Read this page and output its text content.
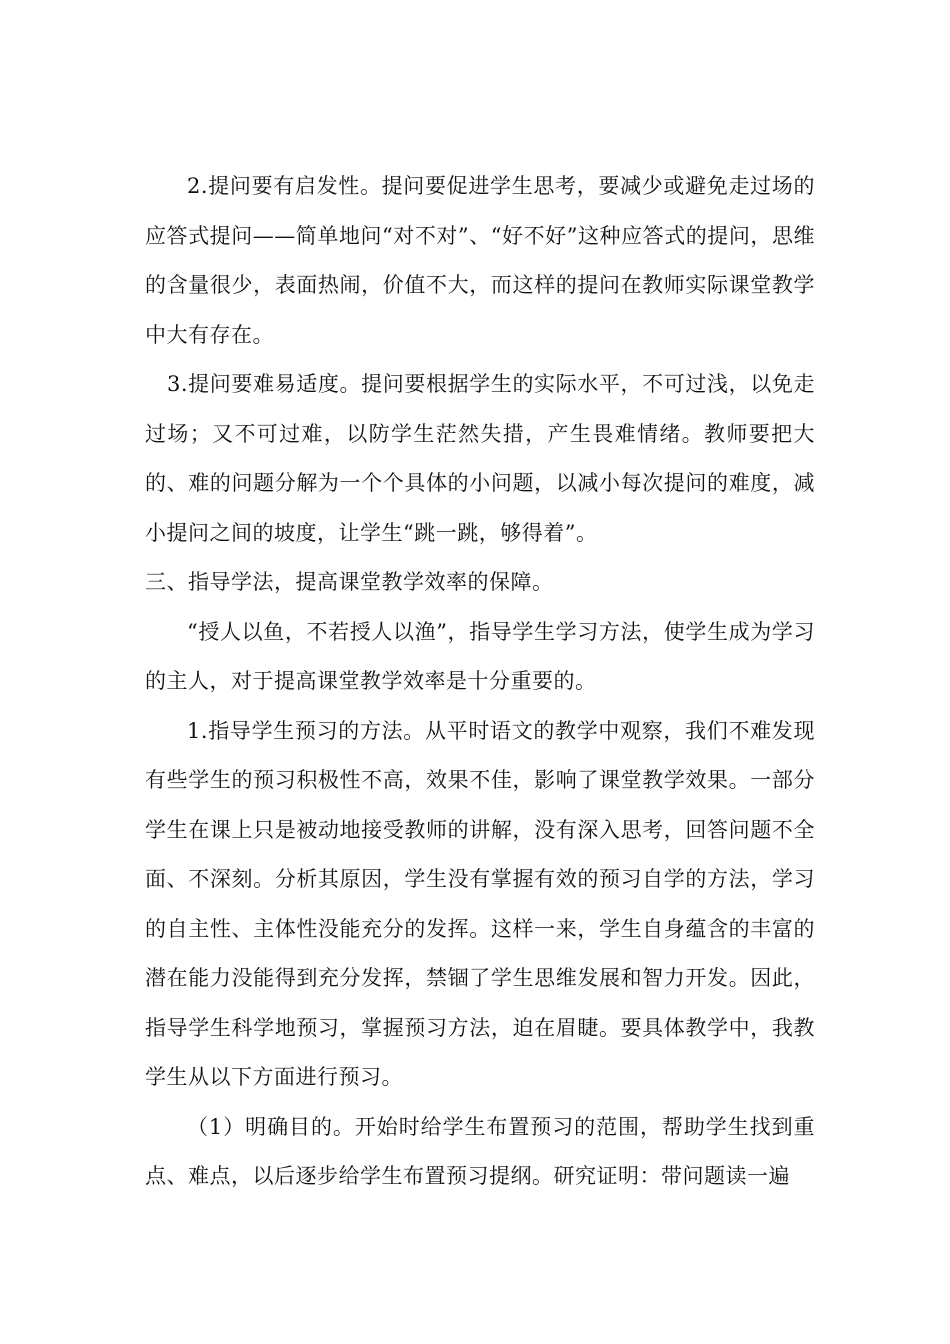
2.提问要有启发性。提问要促进学生思考，要减少或避免走过场的应答式提问——简单地问“对不对”、“好不好”这种应答式的提问，思维的含量很少，表面热闹，价值不大，而这样的提问在教师实际课堂教学中大有存在。

3.提问要难易适度。提问要根据学生的实际水平，不可过浅，以免走过场；又不可过难，以防学生茫然失措，产生畏难情绪。教师要把大的、难的问题分解为一个个具体的小问题，以减小每次提问的难度，减小提问之间的坡度，让学生“跳一跳，够得着”。

三、指导学法，提高课堂教学效率的保障。

“授人以鱼，不若授人以渔”，指导学生学习方法，使学生成为学习的主人，对于提高课堂教学效率是十分重要的。

1.指导学生预习的方法。从平时语文的教学中观察，我们不难发现有些学生的预习积极性不高，效果不佳，影响了课堂教学效果。一部分学生在课上只是被动地接受教师的讲解，没有深入思考，回答问题不全面、不深刻。分析其原因，学生没有掌握有效的预习自学的方法，学习的自主性、主体性没能充分的发挥。这样一来，学生自身蕴含的丰富的潜在能力没能得到充分发挥，禁锢了学生思维发展和智力开发。因此，指导学生科学地预习，掌握预习方法，迫在眉睫。要具体教学中，我教学生从以下方面进行预习。

（1）明确目的。开始时给学生布置预习的范围，帮助学生找到重点、难点，以后逐步给学生布置预习提纲。研究证明：带问题读一遍
